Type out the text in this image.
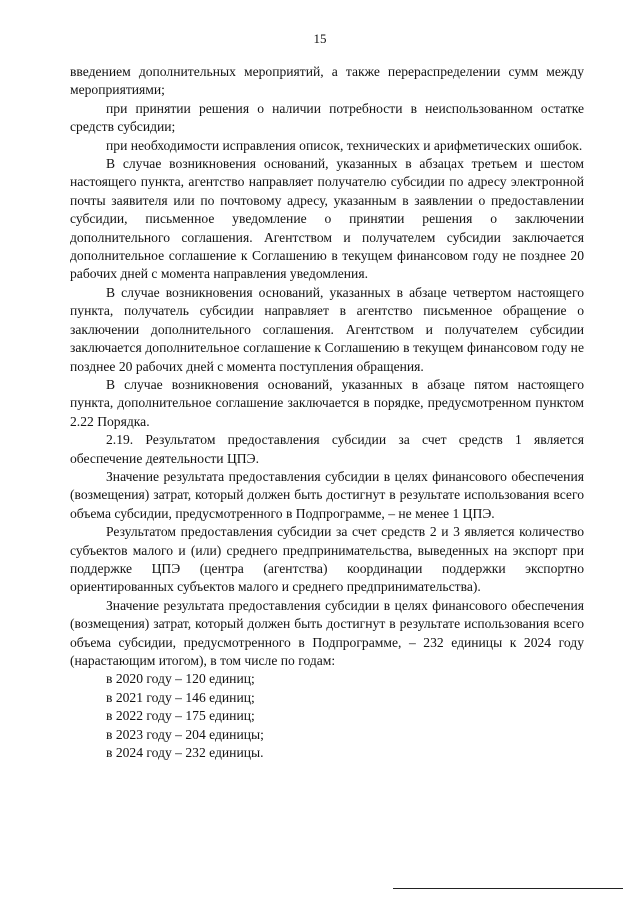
15

введением дополнительных мероприятий, а также перераспределении сумм между мероприятиями;

при принятии решения о наличии потребности в неиспользованном остатке средств субсидии;

при необходимости исправления описок, технических и арифметических ошибок.

В случае возникновения оснований, указанных в абзацах третьем и шестом настоящего пункта, агентство направляет получателю субсидии по адресу электронной почты заявителя или по почтовому адресу, указанным в заявлении о предоставлении субсидии, письменное уведомление о принятии решения о заключении дополнительного соглашения. Агентством и получателем субсидии заключается дополнительное соглашение к Соглашению в текущем финансовом году не позднее 20 рабочих дней с момента направления уведомления.

В случае возникновения оснований, указанных в абзаце четвертом настоящего пункта, получатель субсидии направляет в агентство письменное обращение о заключении дополнительного соглашения. Агентством и получателем субсидии заключается дополнительное соглашение к Соглашению в текущем финансовом году не позднее 20 рабочих дней с момента поступления обращения.

В случае возникновения оснований, указанных в абзаце пятом настоящего пункта, дополнительное соглашение заключается в порядке, предусмотренном пунктом 2.22 Порядка.

2.19. Результатом предоставления субсидии за счет средств 1 является обеспечение деятельности ЦПЭ.

Значение результата предоставления субсидии в целях финансового обеспечения (возмещения) затрат, который должен быть достигнут в результате использования всего объема субсидии, предусмотренного в Подпрограмме, – не менее 1 ЦПЭ.

Результатом предоставления субсидии за счет средств 2 и 3 является количество субъектов малого и (или) среднего предпринимательства, выведенных на экспорт при поддержке ЦПЭ (центра (агентства) координации поддержки экспортно ориентированных субъектов малого и среднего предпринимательства).

Значение результата предоставления субсидии в целях финансового обеспечения (возмещения) затрат, который должен быть достигнут в результате использования всего объема субсидии, предусмотренного в Подпрограмме, – 232 единицы к 2024 году (нарастающим итогом), в том числе по годам:

в 2020 году – 120 единиц;

в 2021 году – 146 единиц;

в 2022 году – 175 единиц;

в 2023 году – 204 единицы;

в 2024 году – 232 единицы.
